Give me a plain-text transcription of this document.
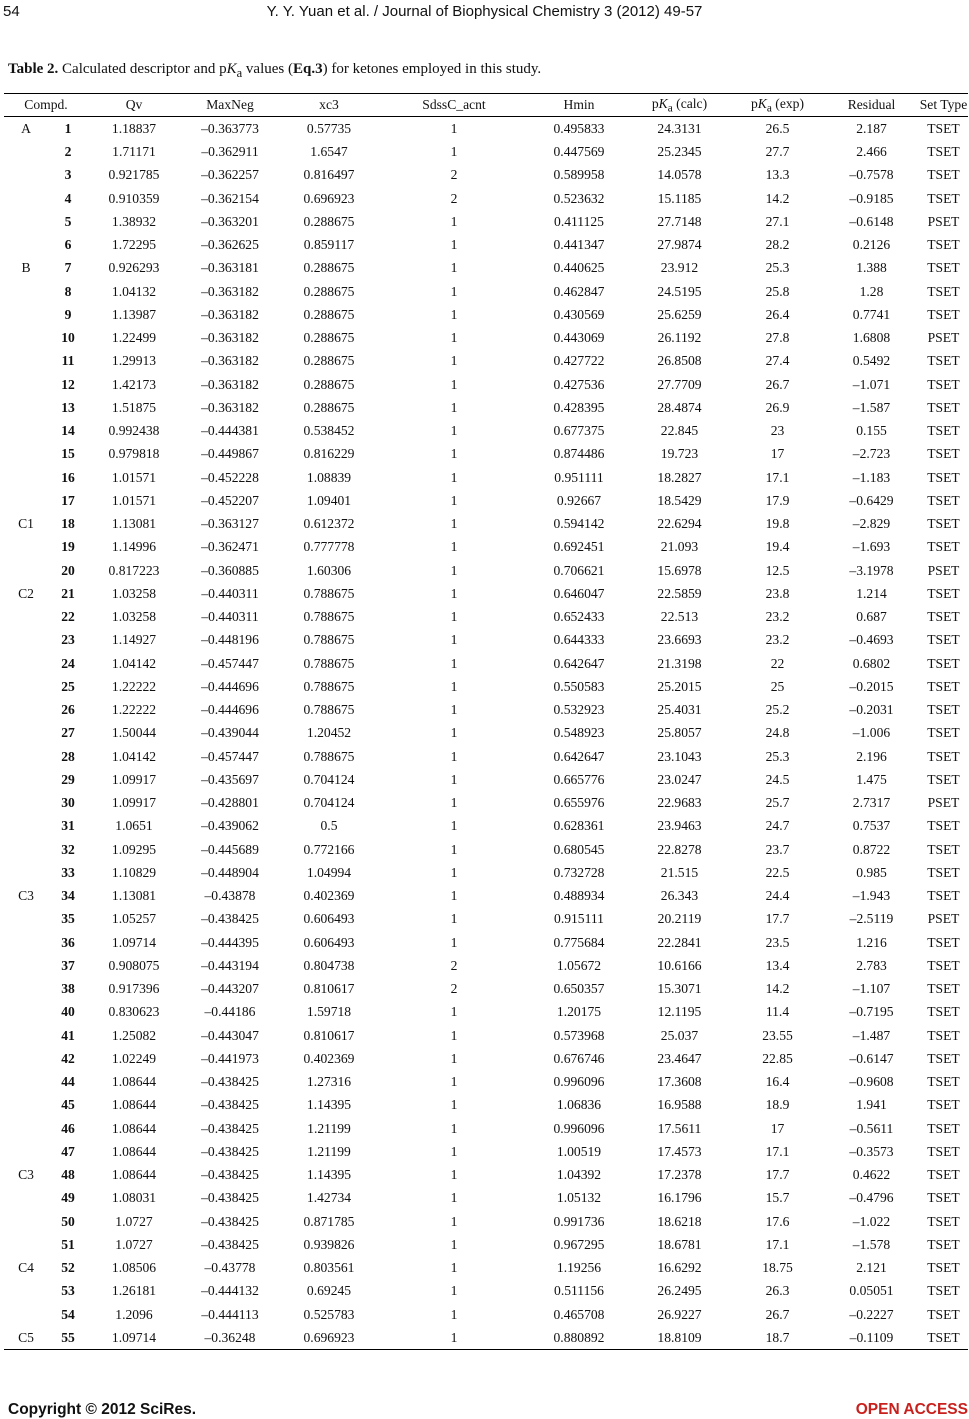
54	Y. Y. Yuan et al. / Journal of Biophysical Chemistry 3 (2012) 49-57
Table 2. Calculated descriptor and $pK_a$ values (Eq.3) for ketones employed in this study.
Compd.		Qv	MaxNeg	xc3	SdssC_acnt	Hmin	$pK_a$ (calc)	$pK_a$ (exp)	Residual	Set Type
A	1	1.18837	–0.363773	0.57735	1	0.495833	24.3131	26.5	2.187	TSET
	2	1.71171	–0.362911	1.6547	1	0.447569	25.2345	27.7	2.466	TSET
	3	0.921785	–0.362257	0.816497	2	0.589958	14.0578	13.3	–0.7578	TSET
	4	0.910359	–0.362154	0.696923	2	0.523632	15.1185	14.2	–0.9185	TSET
	5	1.38932	–0.363201	0.288675	1	0.411125	27.7148	27.1	–0.6148	PSET
	6	1.72295	–0.362625	0.859117	1	0.441347	27.9874	28.2	0.2126	TSET
B	7	0.926293	–0.363181	0.288675	1	0.440625	23.912	25.3	1.388	TSET
	8	1.04132	–0.363182	0.288675	1	0.462847	24.5195	25.8	1.28	TSET
	9	1.13987	–0.363182	0.288675	1	0.430569	25.6259	26.4	0.7741	TSET
	10	1.22499	–0.363182	0.288675	1	0.443069	26.1192	27.8	1.6808	PSET
	11	1.29913	–0.363182	0.288675	1	0.427722	26.8508	27.4	0.5492	TSET
	12	1.42173	–0.363182	0.288675	1	0.427536	27.7709	26.7	–1.071	TSET
	13	1.51875	–0.363182	0.288675	1	0.428395	28.4874	26.9	–1.587	TSET
	14	0.992438	–0.444381	0.538452	1	0.677375	22.845	23	0.155	TSET
	15	0.979818	–0.449867	0.816229	1	0.874486	19.723	17	–2.723	TSET
	16	1.01571	–0.452228	1.08839	1	0.951111	18.2827	17.1	–1.183	TSET
	17	1.01571	–0.452207	1.09401	1	0.92667	18.5429	17.9	–0.6429	TSET
C1	18	1.13081	–0.363127	0.612372	1	0.594142	22.6294	19.8	–2.829	TSET
	19	1.14996	–0.362471	0.777778	1	0.692451	21.093	19.4	–1.693	TSET
	20	0.817223	–0.360885	1.60306	1	0.706621	15.6978	12.5	–3.1978	PSET
C2	21	1.03258	–0.440311	0.788675	1	0.646047	22.5859	23.8	1.214	TSET
	22	1.03258	–0.440311	0.788675	1	0.652433	22.513	23.2	0.687	TSET
	23	1.14927	–0.448196	0.788675	1	0.644333	23.6693	23.2	–0.4693	TSET
	24	1.04142	–0.457447	0.788675	1	0.642647	21.3198	22	0.6802	TSET
	25	1.22222	–0.444696	0.788675	1	0.550583	25.2015	25	–0.2015	TSET
	26	1.22222	–0.444696	0.788675	1	0.532923	25.4031	25.2	–0.2031	TSET
	27	1.50044	–0.439044	1.20452	1	0.548923	25.8057	24.8	–1.006	TSET
	28	1.04142	–0.457447	0.788675	1	0.642647	23.1043	25.3	2.196	TSET
	29	1.09917	–0.435697	0.704124	1	0.665776	23.0247	24.5	1.475	TSET
	30	1.09917	–0.428801	0.704124	1	0.655976	22.9683	25.7	2.7317	PSET
	31	1.0651	–0.439062	0.5	1	0.628361	23.9463	24.7	0.7537	TSET
	32	1.09295	–0.445689	0.772166	1	0.680545	22.8278	23.7	0.8722	TSET
	33	1.10829	–0.448904	1.04994	1	0.732728	21.515	22.5	0.985	TSET
C3	34	1.13081	–0.43878	0.402369	1	0.488934	26.343	24.4	–1.943	TSET
	35	1.05257	–0.438425	0.606493	1	0.915111	20.2119	17.7	–2.5119	PSET
	36	1.09714	–0.444395	0.606493	1	0.775684	22.2841	23.5	1.216	TSET
	37	0.908075	–0.443194	0.804738	2	1.05672	10.6166	13.4	2.783	TSET
	38	0.917396	–0.443207	0.810617	2	0.650357	15.3071	14.2	–1.107	TSET
	40	0.830623	–0.44186	1.59718	1	1.20175	12.1195	11.4	–0.7195	TSET
	41	1.25082	–0.443047	0.810617	1	0.573968	25.037	23.55	–1.487	TSET
	42	1.02249	–0.441973	0.402369	1	0.676746	23.4647	22.85	–0.6147	TSET
	44	1.08644	–0.438425	1.27316	1	0.996096	17.3608	16.4	–0.9608	TSET
	45	1.08644	–0.438425	1.14395	1	1.06836	16.9588	18.9	1.941	TSET
	46	1.08644	–0.438425	1.21199	1	0.996096	17.5611	17	–0.5611	TSET
	47	1.08644	–0.438425	1.21199	1	1.00519	17.4573	17.1	–0.3573	TSET
C3	48	1.08644	–0.438425	1.14395	1	1.04392	17.2378	17.7	0.4622	TSET
	49	1.08031	–0.438425	1.42734	1	1.05132	16.1796	15.7	–0.4796	TSET
	50	1.0727	–0.438425	0.871785	1	0.991736	18.6218	17.6	–1.022	TSET
	51	1.0727	–0.438425	0.939826	1	0.967295	18.6781	17.1	–1.578	TSET
C4	52	1.08506	–0.43778	0.803561	1	1.19256	16.6292	18.75	2.121	TSET
	53	1.26181	–0.444132	0.69245	1	0.511156	26.2495	26.3	0.05051	TSET
	54	1.2096	–0.444113	0.525783	1	0.465708	26.9227	26.7	–0.2227	TSET
C5	55	1.09714	–0.36248	0.696923	1	0.880892	18.8109	18.7	–0.1109	TSET
Copyright © 2012 SciRes.	OPEN ACCESS
